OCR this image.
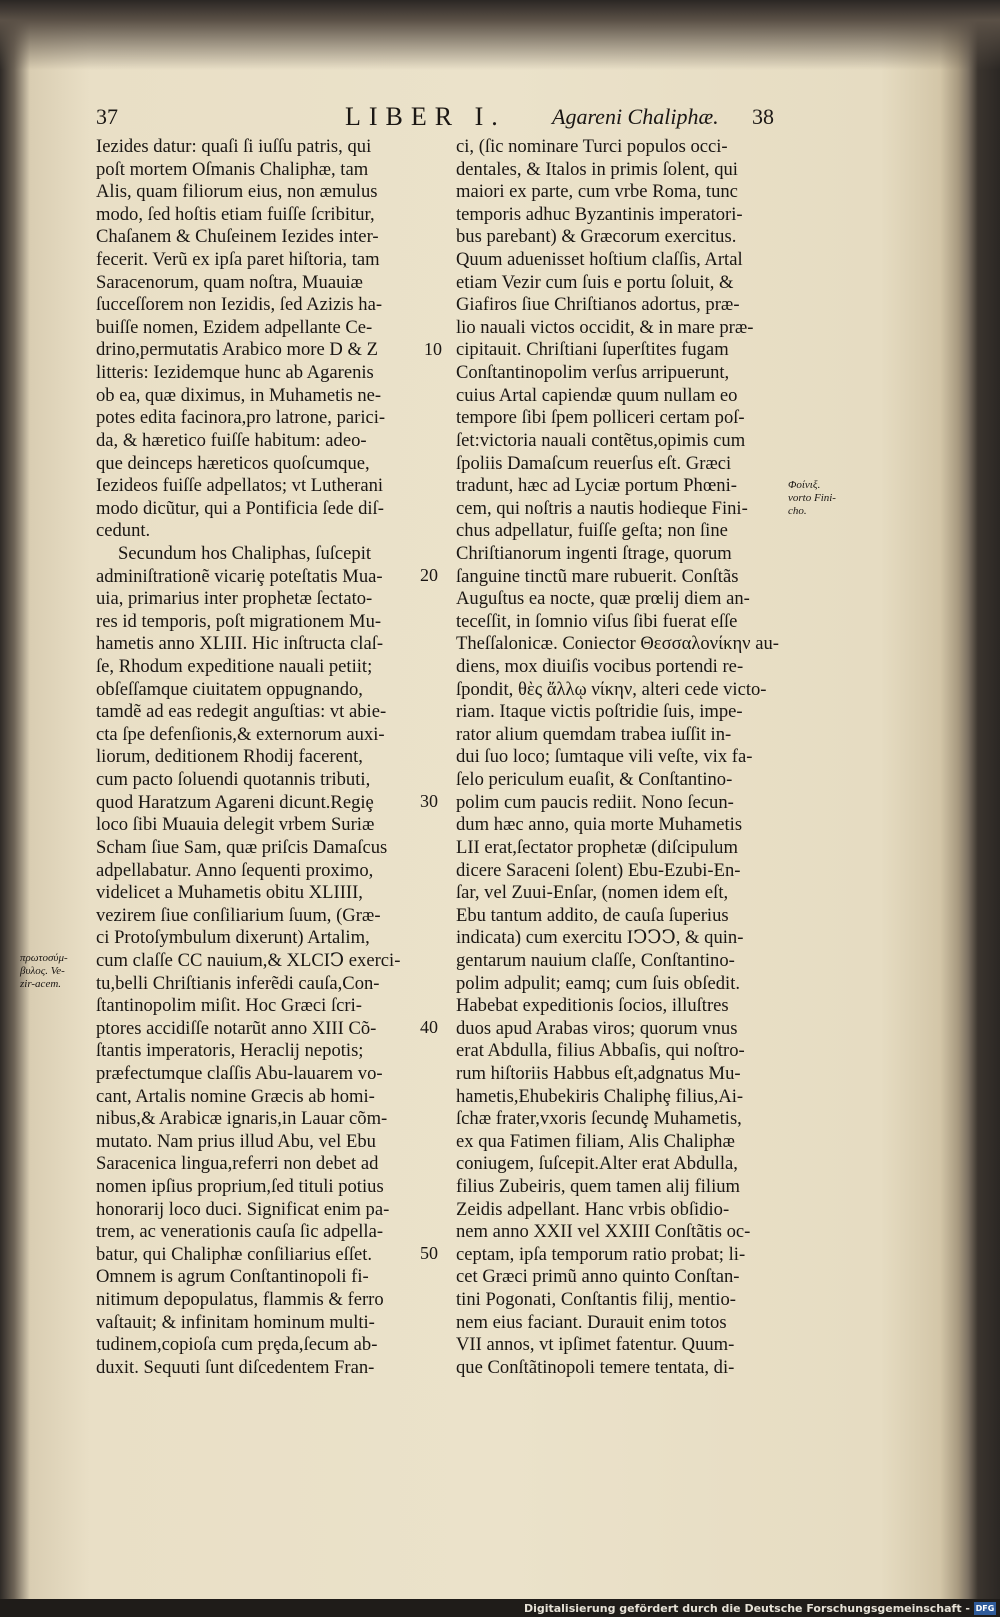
37	LIBER I. Agareni Chaliphæ. 38
Iezides datur: quaſi ſi iuſſu patris, qui
poſt mortem Oſmanis Chaliphæ, tam
Alis, quam filiorum eius, non æmulus
modo, ſed hoſtis etiam fuiſſe ſcribitur,
Chaſanem & Chuſeinem Iezides inter-
fecerit. Verũ ex ipſa paret hiſtoria, tam
Saracenorum, quam noſtra, Muauiæ
ſucceſſorem non Iezidis, ſed Azizis ha-
buiſſe nomen, Ezidem adpellante Ce-
drino,permutatis Arabico more D & Z
litteris: Iezidemque hunc ab Agarenis
ob ea, quæ diximus, in Muhametis ne-
potes edita facinora,pro latrone, parici-
da, & hæretico fuiſſe habitum: adeo-
que deinceps hæreticos quoſcumque,
Iezideos fuiſſe adpellatos; vt Lutherani
modo dicũtur, qui a Pontificia ſede diſ-
cedunt.
Secundum hos Chaliphas, ſuſcepit
adminiſtrationẽ vicariȩ poteſtatis Mua-
uia, primarius inter prophetæ ſectato-
res id temporis, poſt migrationem Mu-
hametis anno XLIII. Hic inſtructa claſ-
ſe, Rhodum expeditione nauali petiit;
obſeſſamque ciuitatem oppugnando,
tamdẽ ad eas redegit anguſtias: vt abie-
cta ſpe defenſionis,& externorum auxi-
liorum, deditionem Rhodij facerent,
cum pacto ſoluendi quotannis tributi,
quod Haratzum Agareni dicunt.Regiȩ
loco ſibi Muauia delegit vrbem Suriæ
Scham ſiue Sam, quæ priſcis Damaſcus
adpellabatur. Anno ſequenti proximo,
videlicet a Muhametis obitu XLIIII,
vezirem ſiue conſiliarium ſuum, (Græ-
ci Protoſymbulum dixerunt) Artalim,
cum claſſe CC nauium,& XLCIↃ exerci-
tu,belli Chriſtianis inferẽdi cauſa,Con-
ſtantinopolim miſit. Hoc Græci ſcri-
ptores accidiſſe notarũt anno XIII Cõ-
ſtantis imperatoris, Heraclij nepotis;
præfectumque claſſis Abu-lauarem vo-
cant, Artalis nomine Græcis ab homi-
nibus,& Arabicæ ignaris,in Lauar cõm-
mutato. Nam prius illud Abu, vel Ebu
Saracenica lingua,referri non debet ad
nomen ipſius proprium,ſed tituli potius
honorarij loco duci. Significat enim pa-
trem, ac venerationis cauſa ſic adpella-
batur, qui Chaliphæ conſiliarius eſſet.
Omnem is agrum Conſtantinopoli fi-
nitimum depopulatus, flammis & ferro
vaſtauit; & infinitam hominum multi-
tudinem,copioſa cum prȩda,ſecum ab-
duxit. Sequuti ſunt diſcedentem Fran-
ci, (ſic nominare Turci populos occi-
dentales, & Italos in primis ſolent, qui
maiori ex parte, cum vrbe Roma, tunc
temporis adhuc Byzantinis imperatori-
bus parebant) & Græcorum exercitus.
Quum aduenisset hoſtium claſſis, Artal
etiam Vezir cum ſuis e portu ſoluit, &
Giafiros ſiue Chriſtianos adortus, præ-
lio nauali victos occidit, & in mare præ-
cipitauit. Chriſtiani ſuperſtites fugam
Conſtantinopolim verſus arripuerunt,
cuius Artal capiendæ quum nullam eo
tempore ſibi ſpem polliceri certam poſ-
ſet:victoria nauali contẽtus,opimis cum
ſpoliis Damaſcum reuerſus eſt. Græci
tradunt, hæc ad Lyciæ portum Phœni-
cem, qui noſtris a nautis hodieque Fini-
chus adpellatur, fuiſſe geſta; non ſine
Chriſtianorum ingenti ſtrage, quorum
ſanguine tinctũ mare rubuerit. Conſtãs
Auguſtus ea nocte, quæ prœlij diem an-
teceſſit, in ſomnio viſus ſibi fuerat eſſe
Theſſalonicæ. Coniector Θεσσαλονίκην au-
diens, mox diuiſis vocibus portendi re-
ſpondit, θὲς ἄλλῳ νίκην, alteri cede victo-
riam. Itaque victis poſtridie ſuis, impe-
rator alium quemdam trabea iuſſit in-
dui ſuo loco; ſumtaque vili veſte, vix fa-
ſelo periculum euaſit, & Conſtantino-
polim cum paucis rediit. Nono ſecun-
dum hæc anno, quia morte Muhametis
LII erat,ſectator prophetæ (diſcipulum
dicere Saraceni ſolent) Ebu-Ezubi-En-
ſar, vel Zuui-Enſar, (nomen idem eſt,
Ebu tantum addito, de cauſa ſuperius
indicata) cum exercitu IↃↃↃ, & quin-
gentarum nauium claſſe, Conſtantino-
polim adpulit; eamq; cum ſuis obſedit.
Habebat expeditionis ſocios, illuſtres
duos apud Arabas viros; quorum vnus
erat Abdulla, filius Abbaſis, qui noſtro-
rum hiſtoriis Habbus eſt,adgnatus Mu-
hametis,Ehubekiris Chaliphȩ filius,Ai-
ſchæ frater,vxoris ſecundȩ Muhametis,
ex qua Fatimen filiam, Alis Chaliphæ
coniugem, ſuſcepit.Alter erat Abdulla,
filius Zubeiris, quem tamen alij filium
Zeidis adpellant. Hanc vrbis obſidio-
nem anno XXII vel XXIII Conſtãtis oc-
ceptam, ipſa temporum ratio probat; li-
cet Græci primũ anno quinto Conſtan-
tini Pogonati, Conſtantis filij, mentio-
nem eius faciant. Durauit enim totos
VII annos, vt ipſimet fatentur. Quum-
que Conſtãtinopoli temere tentata, di-
10
20
30
40
50
Φοίνιξ.
vorto Fini-
cho.
πρωτοσύμ-
βυλος. Ve-
zir-acem.
Digitalisierung gefördert durch die Deutsche Forschungsgemeinschaft - DFG
